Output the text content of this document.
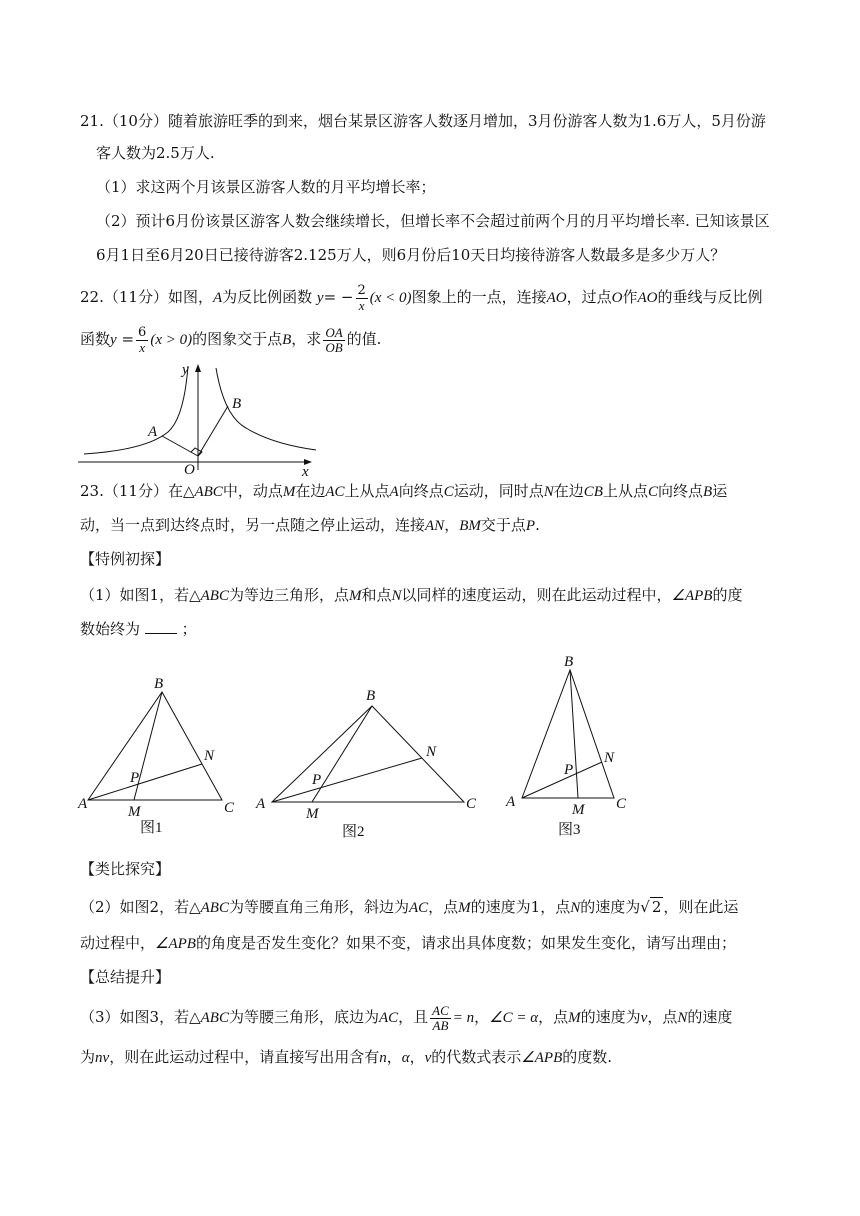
21.（10分）随着旅游旺季的到来，烟台某景区游客人数逐月增加，3月份游客人数为1.6万人，5月份游
客人数为2.5万人.
（1）求这两个月该景区游客人数的月平均增长率；
（2）预计6月份该景区游客人数会继续增长，但增长率不会超过前两个月的月平均增长率. 已知该景区
6月1日至6月20日已接待游客2.125万人，则6月份后10天日均接待游客人数最多是多少万人？
22.（11分）如图，A为反比例函数 $y= - \frac{2}{x} (x < 0)$图象上的一点，连接AO，过点O作AO的垂线与反比例
函数$y = \frac{6}{x} (x > 0)$的图象交于点B，求 $\frac{OA}{OB}$ 的值.
y
x
A
B
O
23.（11分）在△ABC中，动点M在边AC上从点A向终点C运动，同时点N在边CB上从点C向终点B运
动，当一点到达终点时，另一点随之停止运动，连接AN，BM交于点P.
【特例初探】
（1）如图1，若△ABC为等边三角形，点M和点N以同样的速度运动，则在此运动过程中，∠APB的度
数始终为	；
B
N
P
A	M	C
图1
B
N
P
A
M
C
图2
B
N
P
A	M C
图3
【类比探究】
（2）如图2，若△ABC为等腰直角三角形，斜边为AC，点M的速度为1，点N的速度为√ 2 ，则在此运
动过程中，∠APB的角度是否发生变化？如果不变，请求出具体度数；如果发生变化，请写出理由；
【总结提升】
（3）如图3，若△ABC为等腰三角形，底边为AC，且 $\frac{AC}{AB} = n$，∠C = α，点M的速度为v，点N的速度
为nv，则在此运动过程中，请直接写出用含有n，α，v的代数式表示∠APB的度数.
